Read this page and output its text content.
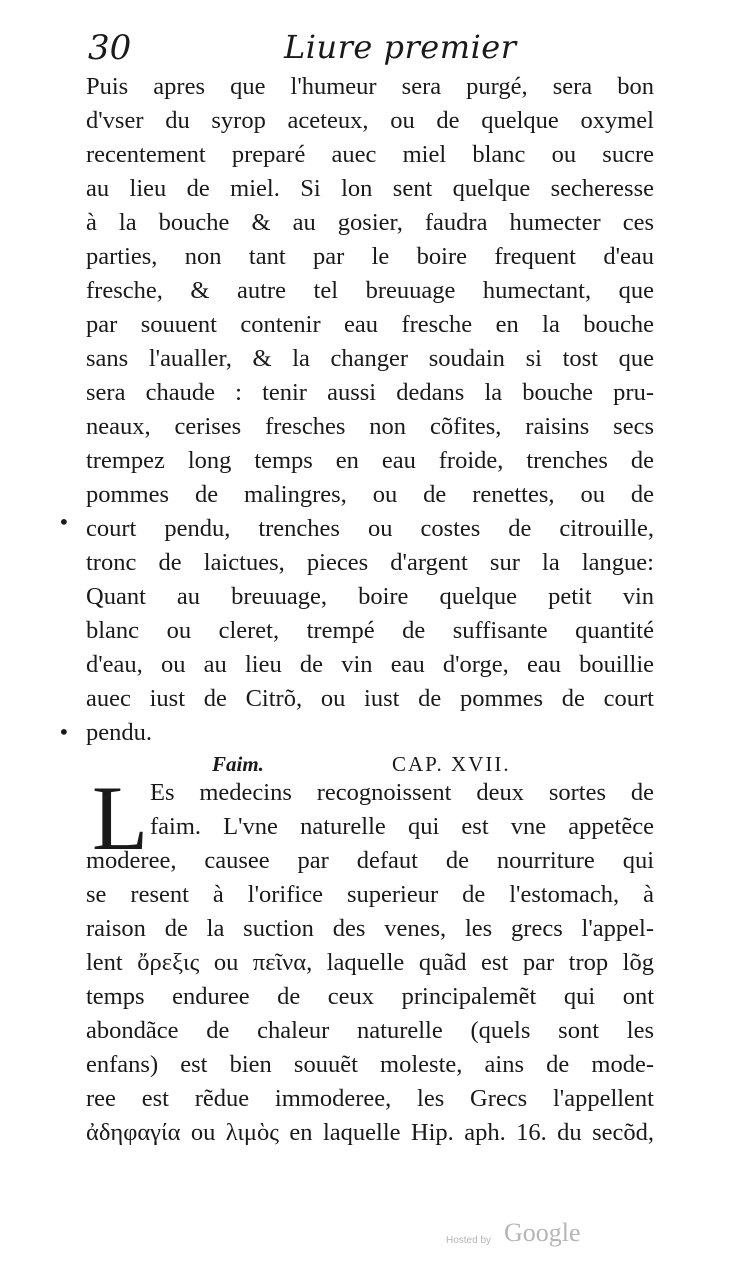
30	Liure premier
Puis apres que l'humeur sera purgé, sera bon
d'vser du syrop aceteux, ou de quelque oxymel
recentement preparé auec miel blanc ou sucre
au lieu de miel. Si lon sent quelque secheresse
à la bouche & au gosier, faudra humecter ces
parties, non tant par le boire frequent d'eau
fresche, & autre tel breuuage humectant, que
par souuent contenir eau fresche en la bouche
sans l'aualler, & la changer soudain si tost que
sera chaude : tenir aussi dedans la bouche pru-
neaux, cerises fresches non cõfites, raisins secs
trempez long temps en eau froide, trenches de
pommes de malingres, ou de renettes, ou de
court pendu, trenches ou costes de citrouille,
tronc de laictues, pieces d'argent sur la langue:
Quant au breuuage, boire quelque petit vin
blanc ou cleret, trempé de suffisante quantité
d'eau, ou au lieu de vin eau d'orge, eau bouillie
auec iust de Citrõ, ou iust de pommes de court
pendu.
•
•
Faim.	CAP. XVII.
L Es medecins recognoissent deux sortes de
faim. L'vne naturelle qui est vne appetẽce
moderee, causee par defaut de nourriture qui
se resent à l'orifice superieur de l'estomach, à
raison de la suction des venes, les grecs l'appel-
lent ὄρεξις ou πεῖνα, laquelle quãd est par trop lõg
temps enduree de ceux principalemẽt qui ont
abondãce de chaleur naturelle (quels sont les
enfans) est bien souuẽt moleste, ains de mode-
ree est rẽdue immoderee, les Grecs l'appellent
ἀδηφαγία ou λιμὸς en laquelle Hip. aph. 16. du secõd,
Hosted by Google
